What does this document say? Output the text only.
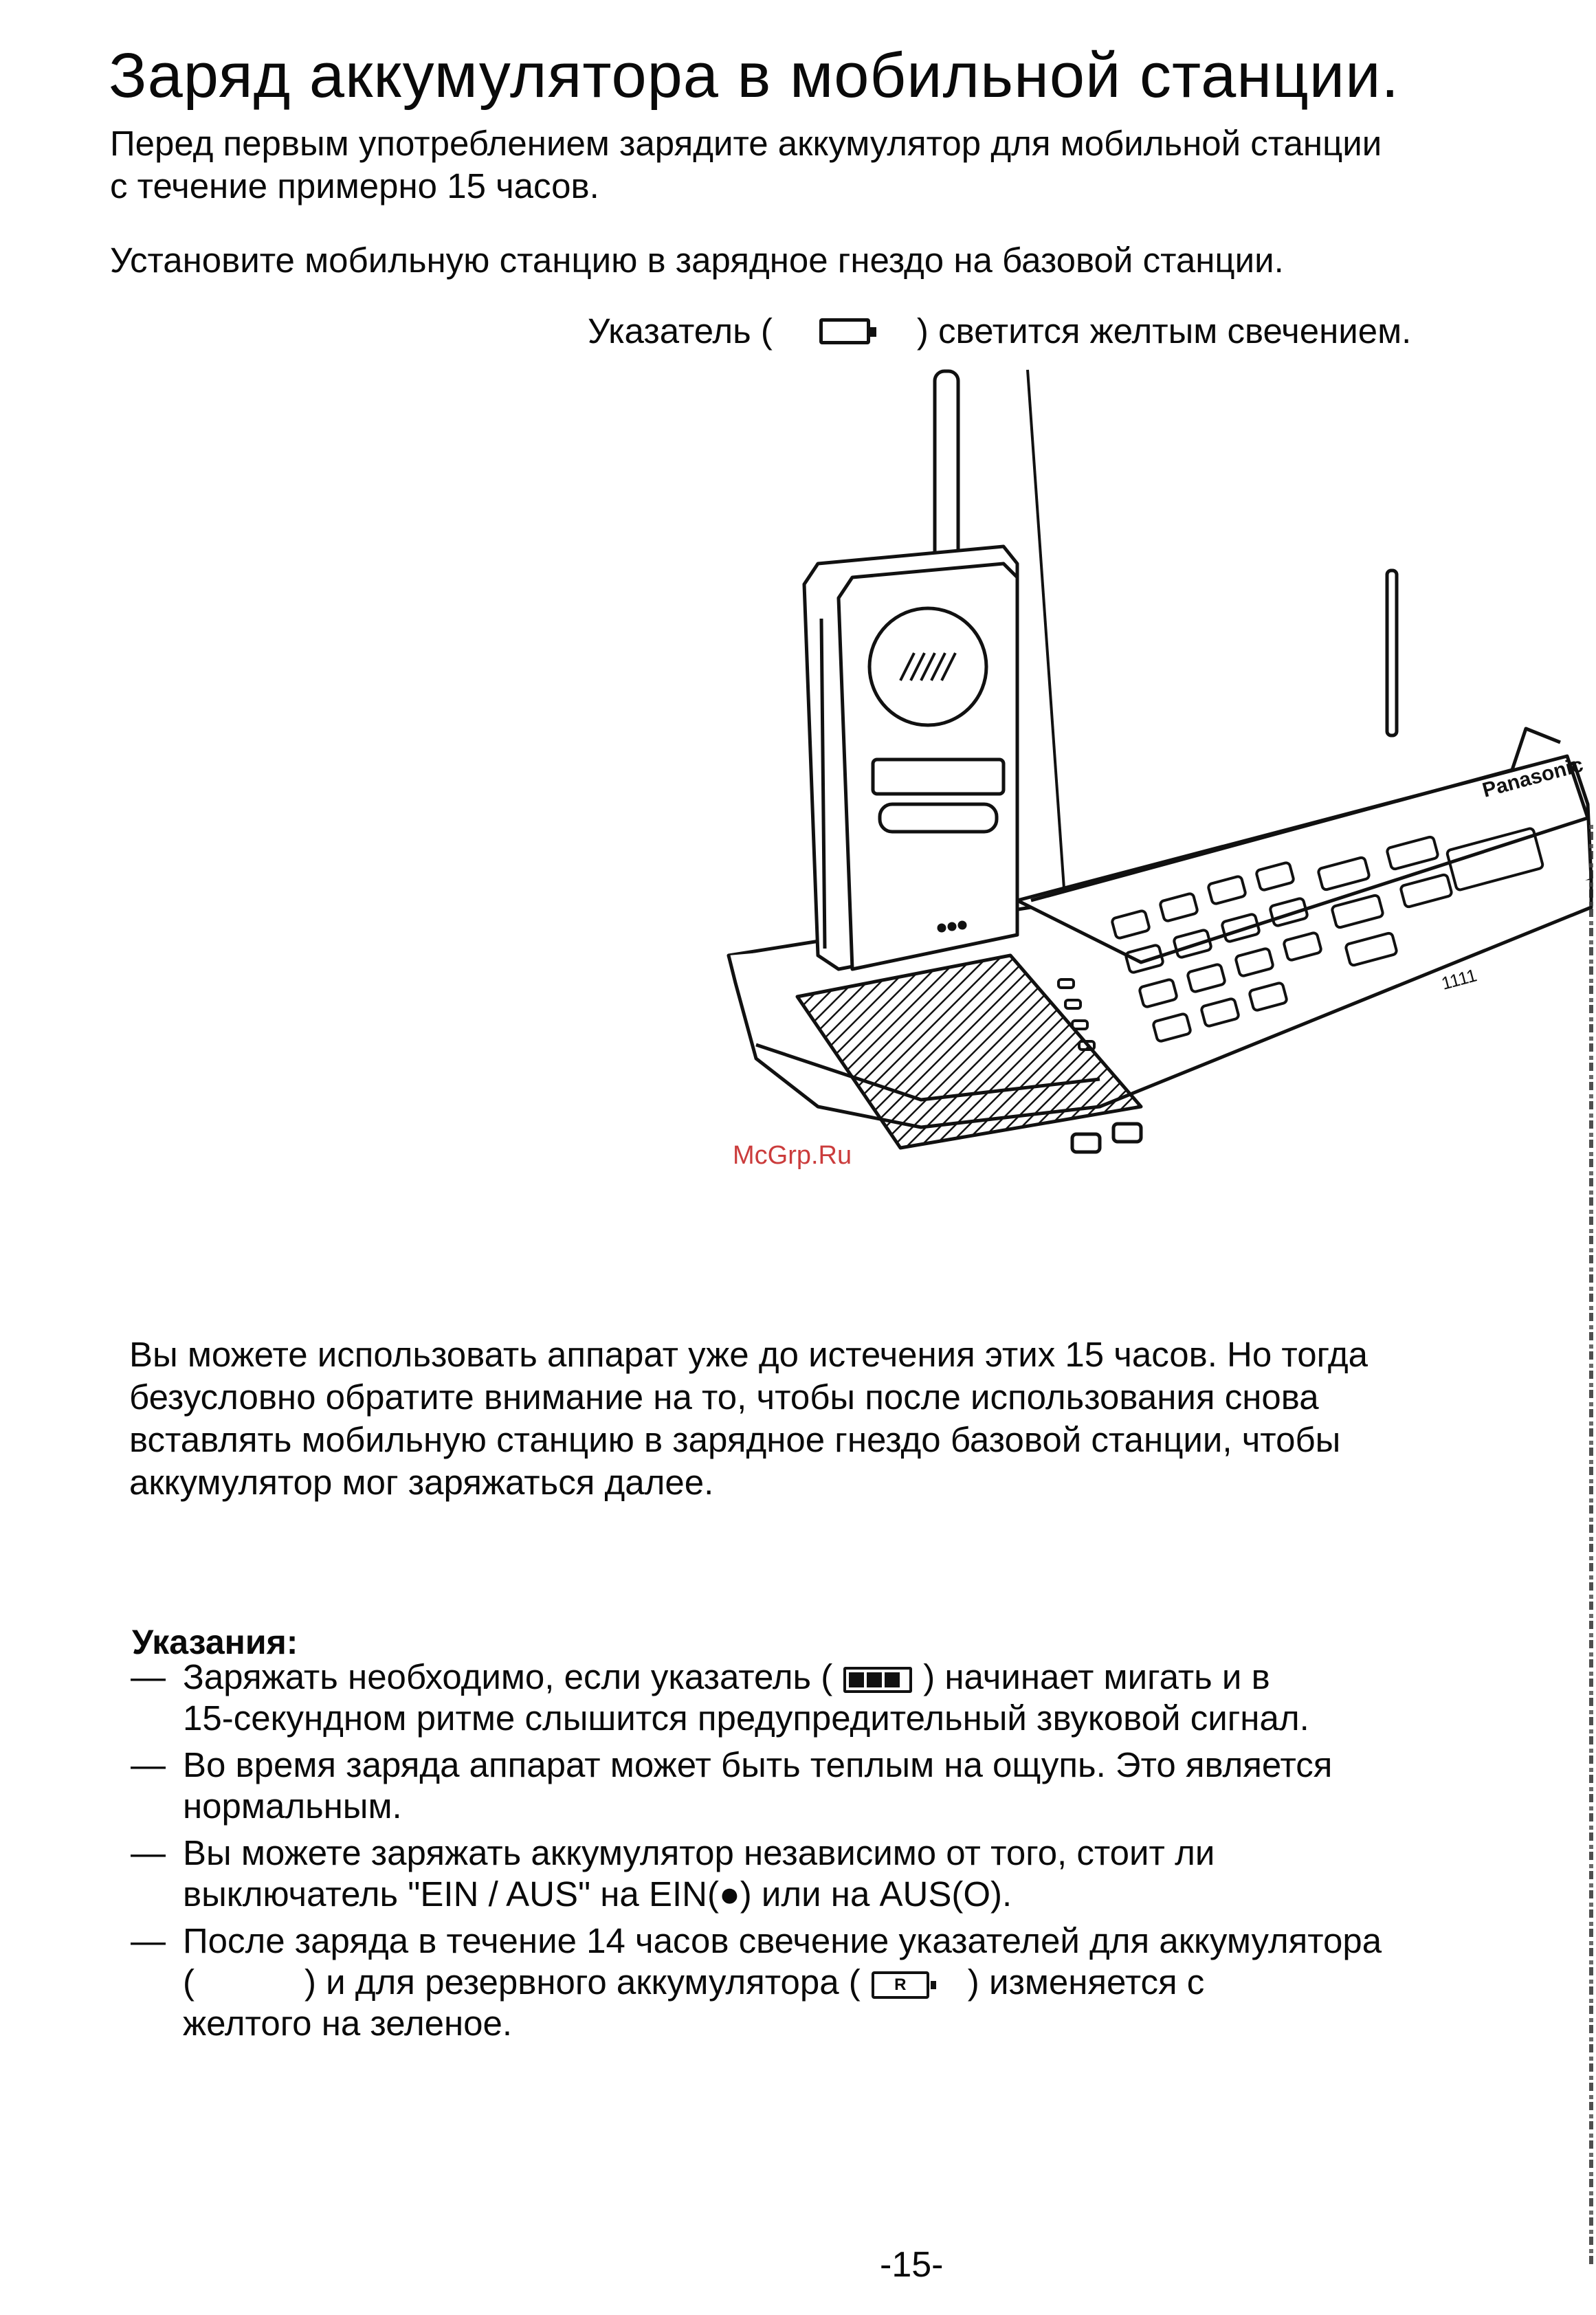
Заряд аккумулятора в мобильной станции.
Перед первым употреблением зарядите аккумулятор для мобильной станции
с течение примерно 15 часов.
Установите мобильную станцию в зарядное гнездо на базовой станции.
Указатель (	) светится желтым свечением.
Panasonic
1111
McGrp.Ru
Вы можете использовать аппарат уже до истечения этих 15 часов. Но тогда
безусловно обратите внимание на то, чтобы после использования снова
вставлять мобильную станцию в зарядное гнездо базовой станции, чтобы
аккумулятор мог заряжаться далее.
Указания:
— Заряжать необходимо, если указатель (	) начинает мигать и в
15-секундном ритме слышится предупредительный звуковой сигнал.
— Во время заряда аппарат может быть теплым на ощупь. Это является
нормальным.
— Вы можете заряжать аккумулятор независимо от того, стоит ли
выключатель "EIN / AUS" на EIN(●) или на AUS(O).
— После заряда в течение 14 часов свечение указателей для аккумулятора
(	) и для резервного аккумулятора ( R ) изменяется с
желтого на зеленое.
-15-
